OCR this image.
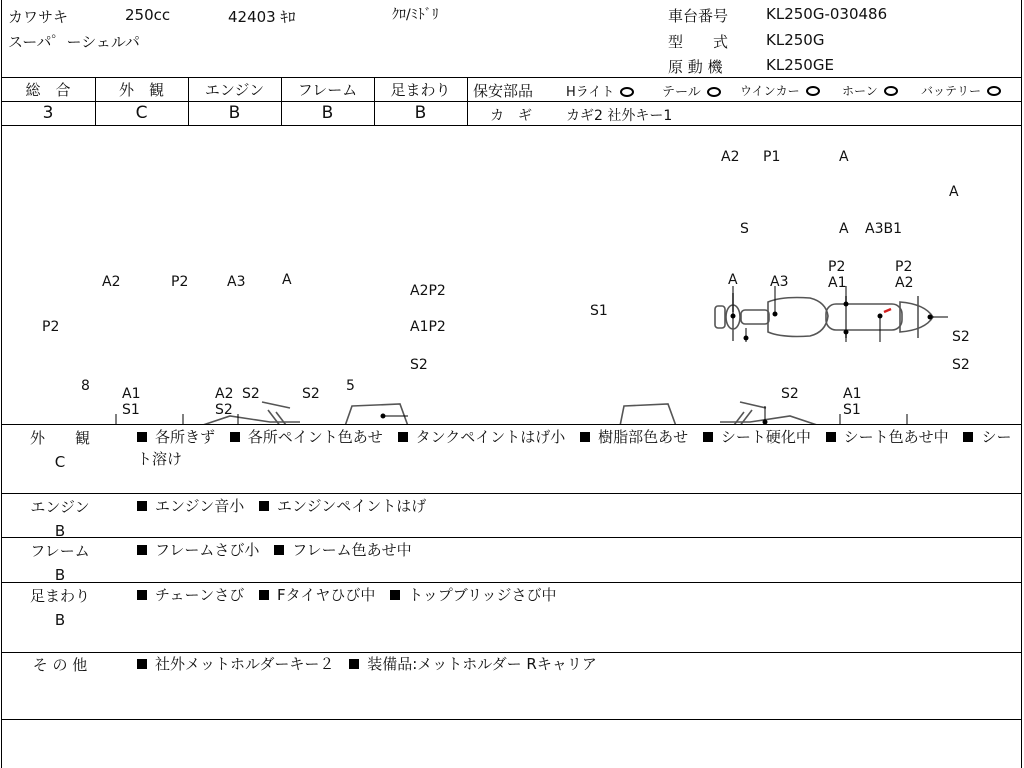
カワサキ	250cc	42403 ｷﾛ	ｸﾛ/ﾐﾄﾞﾘ
スーパ゜ーシェルパ
車台番号	KL250G-030486
型　　式	KL250G
原 動 機	KL250GE
総　合	外　観	エンジン	フレーム	足まわり
3	C	B	B	B
保安部品	Hライト	テール	ウインカー	ホーン	バッテリー
カ　ギ カギ2 社外キー1
A2 P1	A
A
S	A A3B1
A2	P2	A3	A
A2P2
P2	A1P2
S2
8 A1
S1
A2 S2
S2
S2 5
A A3
P2
A1
P2
A2
S1
S2
S2
S2	A1
S1
外　　観
C
各所きず 各所ペイント色あせ タンクペイントはげ小 樹脂部色あせ シート硬化中 シート色あせ中 シート溶け
エンジン
B
エンジン音小 エンジンペイントはげ
フレーム
B
フレームさび小 フレーム色あせ中
足まわり
B
チェーンさび Fタイヤひび中 トップブリッジさび中
そ の 他	社外メットホルダーキー２ 装備品:メットホルダー Rキャリア
